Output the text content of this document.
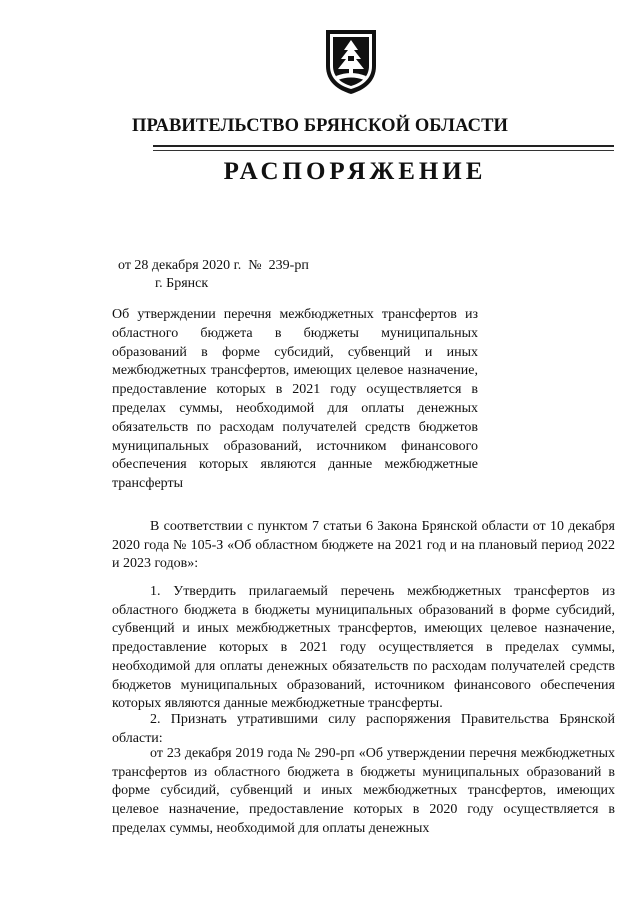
ПРАВИТЕЛЬСТВО БРЯНСКОЙ ОБЛАСТИ
РАСПОРЯЖЕНИЕ
от 28 декабря 2020 г.  №  239-рп
г. Брянск

Об утверждении перечня межбюджетных трансфертов из областного бюджета в бюджеты муниципальных образований в форме субсидий, субвенций и иных межбюджетных трансфертов, имеющих целевое назначение, предоставление которых в 2021 году осуществляется в пределах суммы, необходимой для оплаты денежных обязательств по расходам получателей средств бюджетов муниципальных образований, источником финансового обеспечения которых являются данные межбюджетные трансферты

В соответствии с пунктом 7 статьи 6 Закона Брянской области от 10 декабря 2020 года № 105-З «Об областном бюджете на 2021 год и на плановый период 2022 и 2023 годов»:

1. Утвердить прилагаемый перечень межбюджетных трансфертов из областного бюджета в бюджеты муниципальных образований в форме субсидий, субвенций и иных межбюджетных трансфертов, имеющих целевое назначение, предоставление которых в 2021 году осуществляется в пределах суммы, необходимой для оплаты денежных обязательств по расходам получателей средств бюджетов муниципальных образований, источником финансового обеспечения которых являются данные межбюджетные трансферты.

2. Признать утратившими силу распоряжения Правительства Брянской области:

от 23 декабря 2019 года № 290-рп «Об утверждении перечня межбюджетных трансфертов из областного бюджета в бюджеты муниципальных образований в форме субсидий, субвенций и иных межбюджетных трансфертов, имеющих целевое назначение, предоставление которых в 2020 году осуществляется в пределах суммы, необходимой для оплаты денежных
